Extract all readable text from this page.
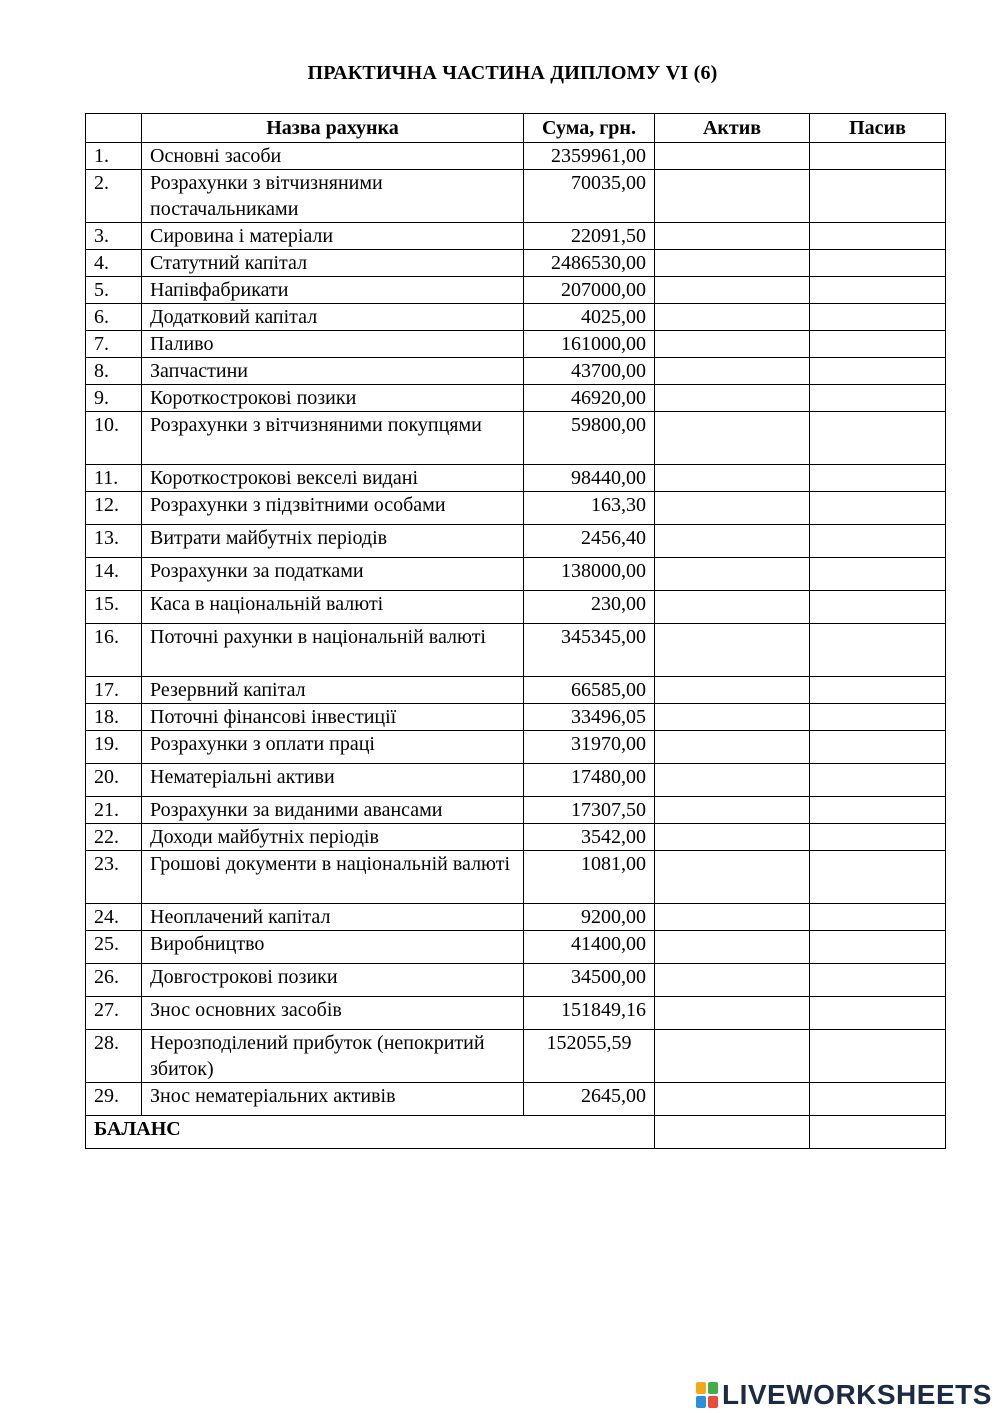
ПРАКТИЧНА ЧАСТИНА ДИПЛОМУ VІ (6)
	Назва рахунка	Сума, грн.	Актив	Пасив
1.	Основні засоби	2359961,00		
2.	Розрахунки з вітчизняними постачальниками	70035,00		
3.	Сировина і матеріали	22091,50		
4.	Статутний капітал	2486530,00		
5.	Напівфабрикати	207000,00		
6.	Додатковий капітал	4025,00		
7.	Паливо	161000,00		
8.	Запчастини	43700,00		
9.	Короткострокові позики	46920,00		
10.	Розрахунки з вітчизняними покупцями	59800,00		
11.	Короткострокові векселі видані	98440,00		
12.	Розрахунки з підзвітними особами	163,30		
13.	Витрати майбутніх періодів	2456,40		
14.	Розрахунки за податками	138000,00		
15.	Каса в національній валюті	230,00		
16.	Поточні рахунки в національній валюті	345345,00		
17.	Резервний капітал	66585,00		
18.	Поточні фінансові інвестиції	33496,05		
19.	Розрахунки з оплати праці	31970,00		
20.	Нематеріальні активи	17480,00		
21.	Розрахунки за виданими авансами	17307,50		
22.	Доходи майбутніх періодів	3542,00		
23.	Грошові документи в національній валюті	1081,00		
24.	Неоплачений капітал	9200,00		
25.	Виробництво	41400,00		
26.	Довгострокові позики	34500,00		
27.	Знос основних засобів	151849,16		
28.	Нерозподілений прибуток (непокритий збиток)	152055,59		
29.	Знос нематеріальних активів	2645,00		
БАЛАНС				
LIVEWORKSHEETS
